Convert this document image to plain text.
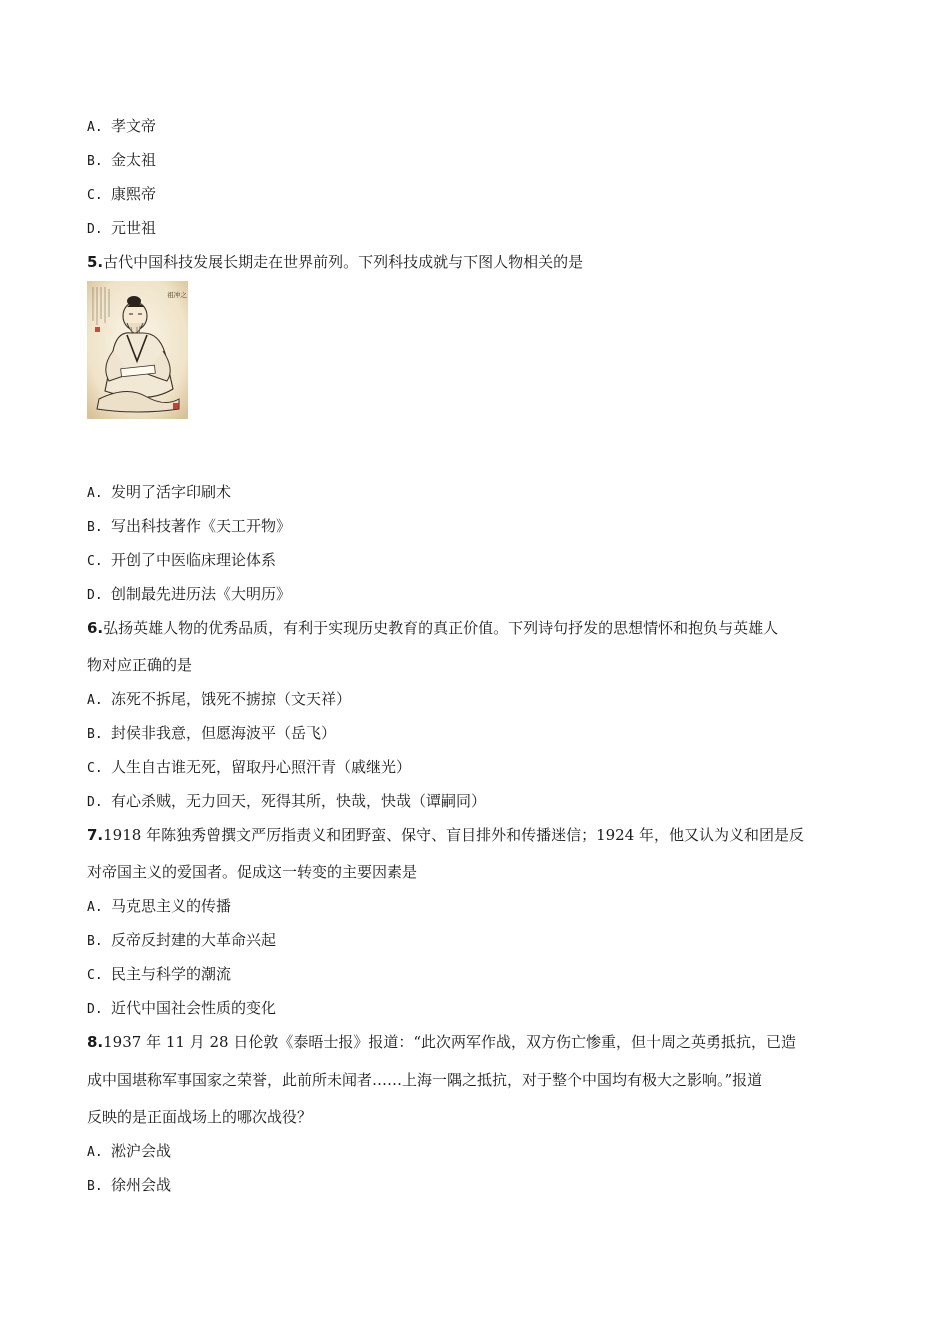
A. 孝文帝
B. 金太祖
C. 康熙帝
D. 元世祖
5.古代中国科技发展长期走在世界前列。下列科技成就与下图人物相关的是
祖冲之
A. 发明了活字印刷术
B. 写出科技著作《天工开物》
C. 开创了中医临床理论体系
D. 创制最先进历法《大明历》
6.弘扬英雄人物的优秀品质，有利于实现历史教育的真正价值。下列诗句抒发的思想情怀和抱负与英雄人
物对应正确的是
A. 冻死不拆尾，饿死不掳掠（文天祥）
B. 封侯非我意，但愿海波平（岳飞）
C. 人生自古谁无死，留取丹心照汗青（戚继光）
D. 有心杀贼，无力回天，死得其所，快哉，快哉（谭嗣同）
7.1918 年陈独秀曾撰文严厉指责义和团野蛮、保守、盲目排外和传播迷信；1924 年，他又认为义和团是反
对帝国主义的爱国者。促成这一转变的主要因素是
A. 马克思主义的传播
B. 反帝反封建的大革命兴起
C. 民主与科学的潮流
D. 近代中国社会性质的变化
8.1937 年 11 月 28 日伦敦《泰晤士报》报道：“此次两军作战，双方伤亡惨重，但十周之英勇抵抗，已造
成中国堪称军事国家之荣誉，此前所未闻者……上海一隅之抵抗，对于整个中国均有极大之影响。”报道
反映的是正面战场上的哪次战役？
A. 淞沪会战
B. 徐州会战
